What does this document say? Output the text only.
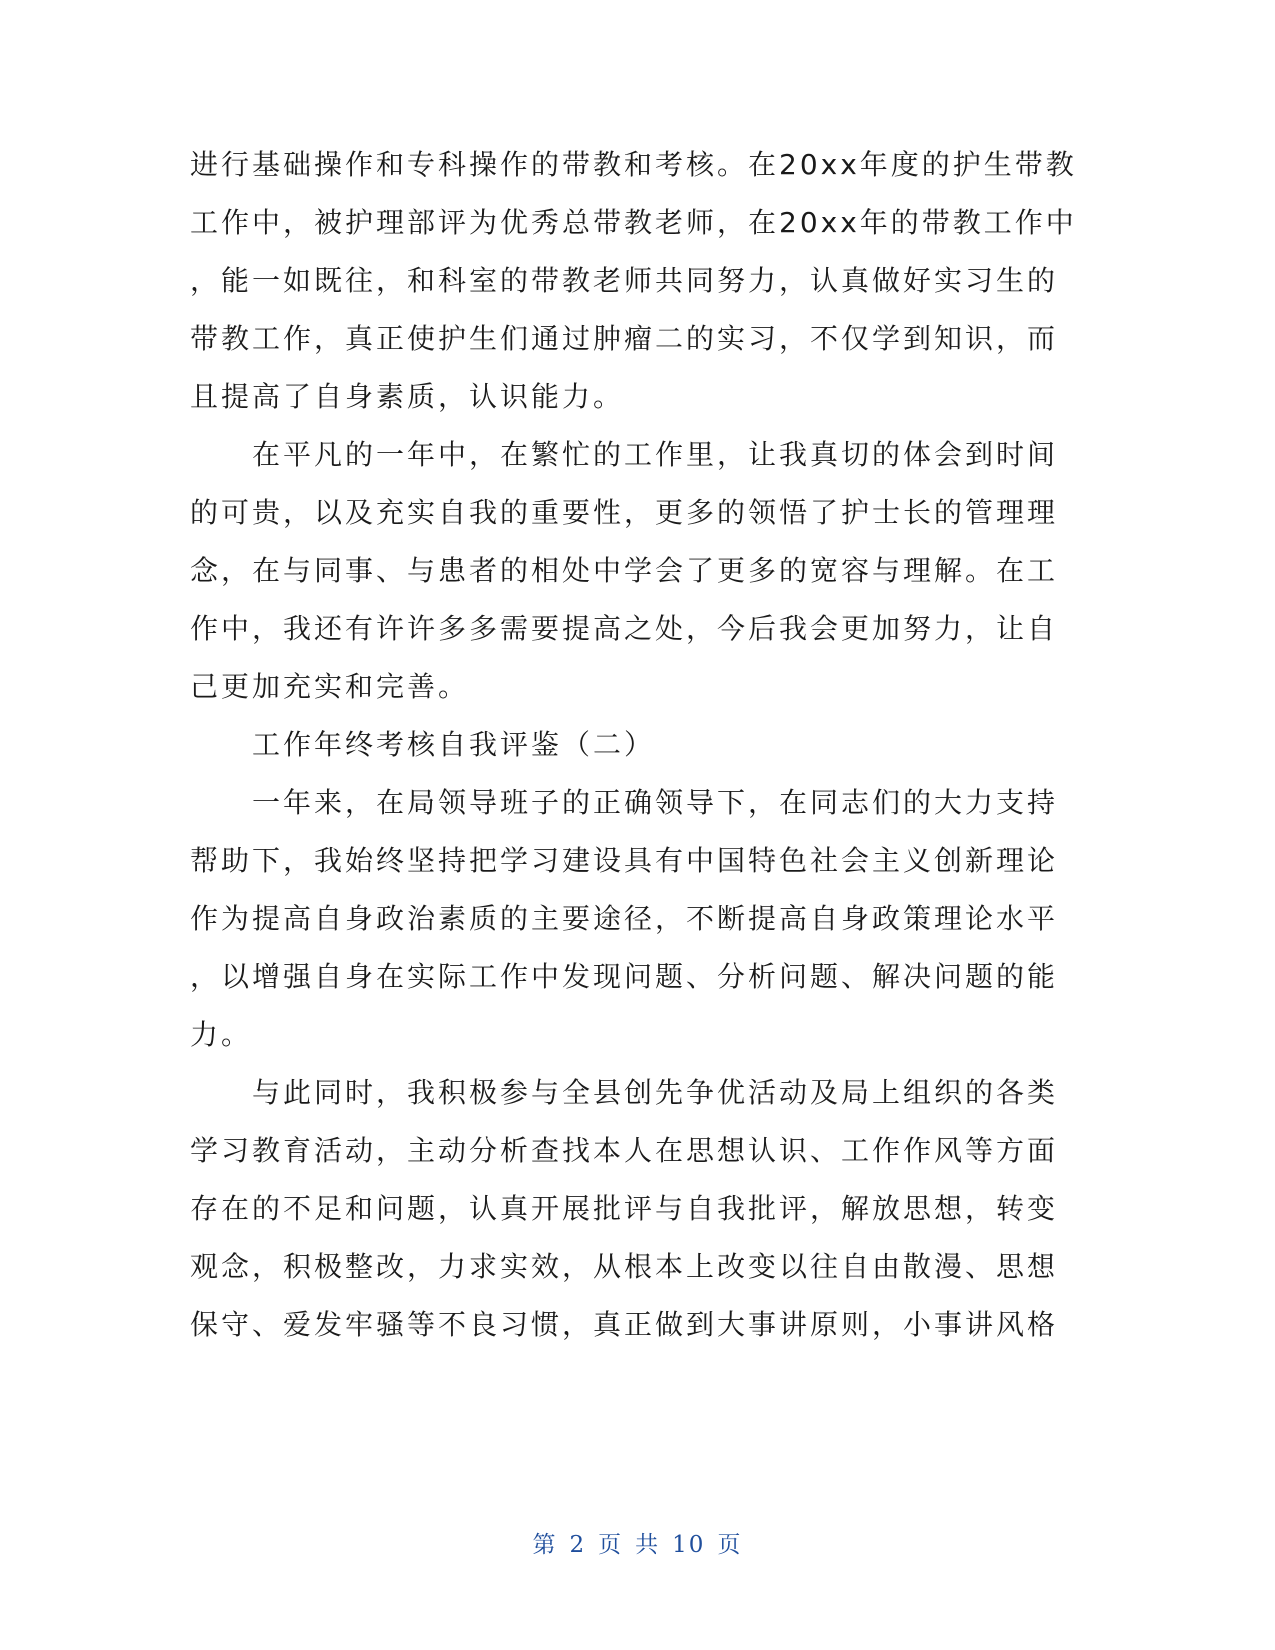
进行基础操作和专科操作的带教和考核。在20xx年度的护生带教
工作中，被护理部评为优秀总带教老师，在20xx年的带教工作中
，能一如既往，和科室的带教老师共同努力，认真做好实习生的
带教工作，真正使护生们通过肿瘤二的实习，不仅学到知识，而
且提高了自身素质，认识能力。
在平凡的一年中，在繁忙的工作里，让我真切的体会到时间
的可贵，以及充实自我的重要性，更多的领悟了护士长的管理理
念，在与同事、与患者的相处中学会了更多的宽容与理解。在工
作中，我还有许许多多需要提高之处，今后我会更加努力，让自
己更加充实和完善。
工作年终考核自我评鉴（二）
一年来，在局领导班子的正确领导下，在同志们的大力支持
帮助下，我始终坚持把学习建设具有中国特色社会主义创新理论
作为提高自身政治素质的主要途径，不断提高自身政策理论水平
，以增强自身在实际工作中发现问题、分析问题、解决问题的能
力。
与此同时，我积极参与全县创先争优活动及局上组织的各类
学习教育活动，主动分析查找本人在思想认识、工作作风等方面
存在的不足和问题，认真开展批评与自我批评，解放思想，转变
观念，积极整改，力求实效，从根本上改变以往自由散漫、思想
保守、爱发牢骚等不良习惯，真正做到大事讲原则，小事讲风格
第 2 页 共 10 页
